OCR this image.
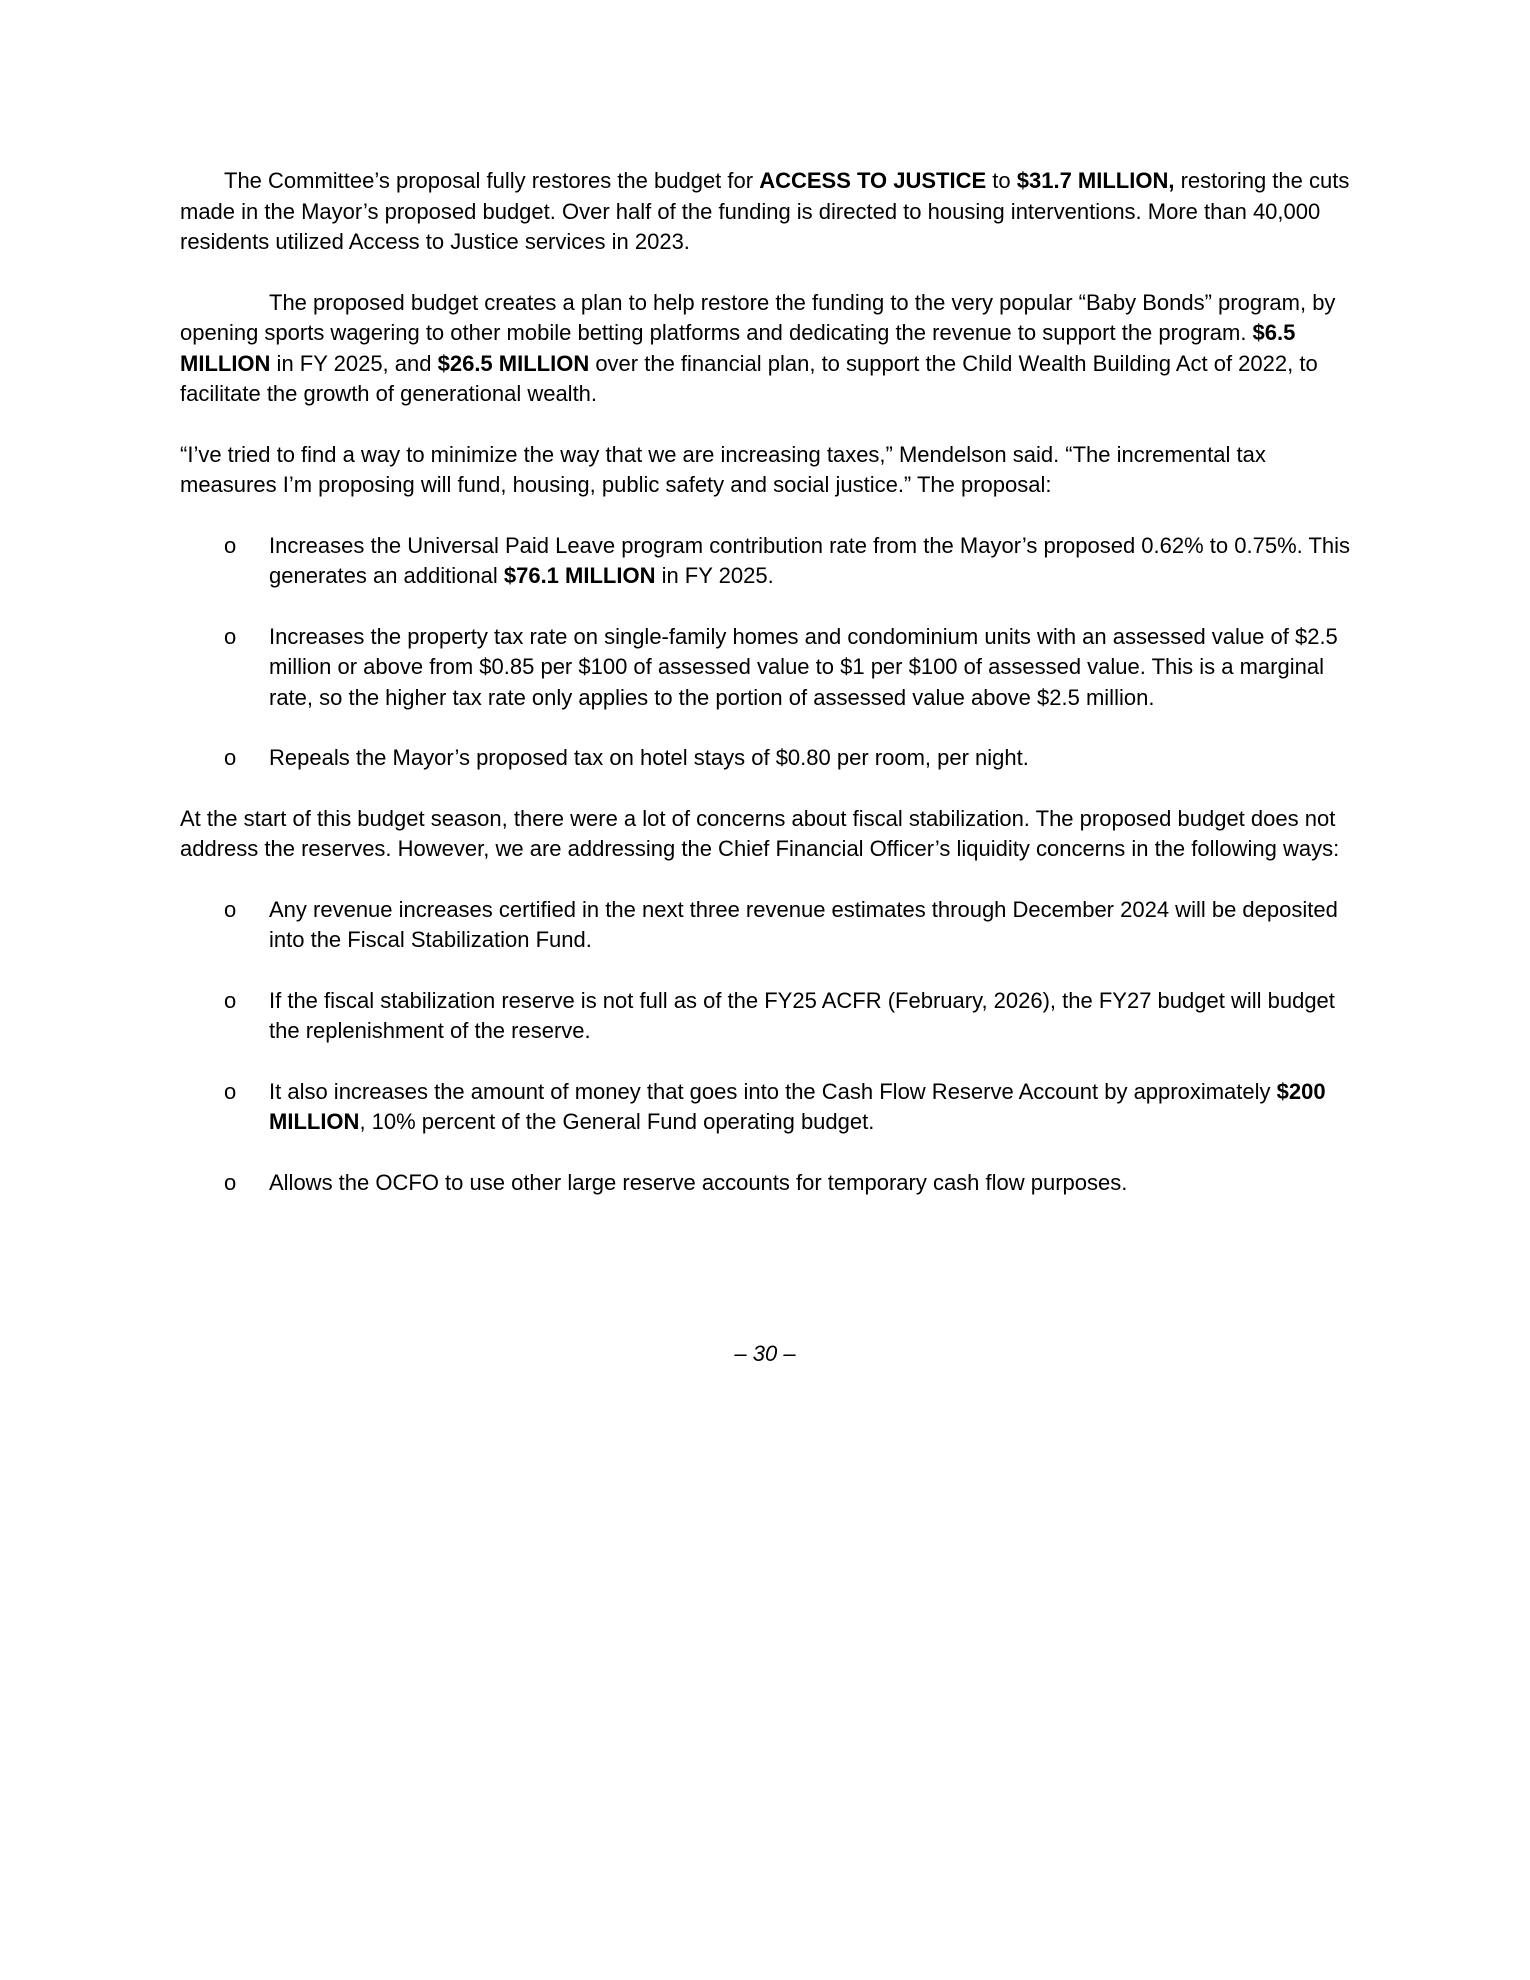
The Committee’s proposal fully restores the budget for ACCESS TO JUSTICE to $31.7 MILLION, restoring the cuts made in the Mayor’s proposed budget. Over half of the funding is directed to housing interventions. More than 40,000 residents utilized Access to Justice services in 2023.

The proposed budget creates a plan to help restore the funding to the very popular “Baby Bonds” program, by opening sports wagering to other mobile betting platforms and dedicating the revenue to support the program. $6.5 MILLION in FY 2025, and $26.5 MILLION over the financial plan, to support the Child Wealth Building Act of 2022, to facilitate the growth of generational wealth.

“I’ve tried to find a way to minimize the way that we are increasing taxes,” Mendelson said. “The incremental tax measures I’m proposing will fund, housing, public safety and social justice.” The proposal:

o	Increases the Universal Paid Leave program contribution rate from the Mayor’s proposed 0.62% to 0.75%. This generates an additional $76.1 MILLION in FY 2025.
o	Increases the property tax rate on single-family homes and condominium units with an assessed value of $2.5 million or above from $0.85 per $100 of assessed value to $1 per $100 of assessed value. This is a marginal rate, so the higher tax rate only applies to the portion of assessed value above $2.5 million.
o	Repeals the Mayor’s proposed tax on hotel stays of $0.80 per room, per night.

At the start of this budget season, there were a lot of concerns about fiscal stabilization. The proposed budget does not address the reserves. However, we are addressing the Chief Financial Officer’s liquidity concerns in the following ways:

o	Any revenue increases certified in the next three revenue estimates through December 2024 will be deposited into the Fiscal Stabilization Fund.
o	If the fiscal stabilization reserve is not full as of the FY25 ACFR (February, 2026), the FY27 budget will budget the replenishment of the reserve.
o	It also increases the amount of money that goes into the Cash Flow Reserve Account by approximately $200 MILLION, 10% percent of the General Fund operating budget.
o	Allows the OCFO to use other large reserve accounts for temporary cash flow purposes.
– 30 –
